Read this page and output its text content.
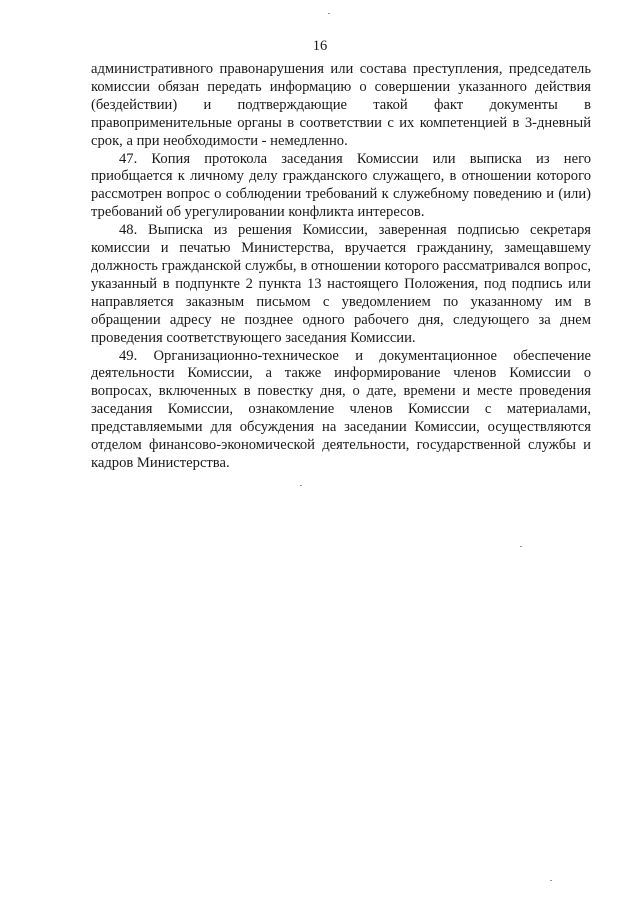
16

административного правонарушения или состава преступления, председатель комиссии обязан передать информацию о совершении указанного действия (бездействии) и подтверждающие такой факт документы в правоприменительные органы в соответствии с их компетенцией в 3-дневный срок, а при необходимости - немедленно.

47. Копия протокола заседания Комиссии или выписка из него приобщается к личному делу гражданского служащего, в отношении которого рассмотрен вопрос о соблюдении требований к служебному поведению и (или) требований об урегулировании конфликта интересов.

48. Выписка из решения Комиссии, заверенная подписью секретаря комиссии и печатью Министерства, вручается гражданину, замещавшему должность гражданской службы, в отношении которого рассматривался вопрос, указанный в подпункте 2 пункта 13 настоящего Положения, под подпись или направляется заказным письмом с уведомлением по указанному им в обращении адресу не позднее одного рабочего дня, следующего за днем проведения соответствующего заседания Комиссии.

49. Организационно-техническое и документационное обеспечение деятельности Комиссии, а также информирование членов Комиссии о вопросах, включенных в повестку дня, о дате, времени и месте проведения заседания Комиссии, ознакомление членов Комиссии с материалами, представляемыми для обсуждения на заседании Комиссии, осуществляются отделом финансово-экономической деятельности, государственной службы и кадров Министерства.
